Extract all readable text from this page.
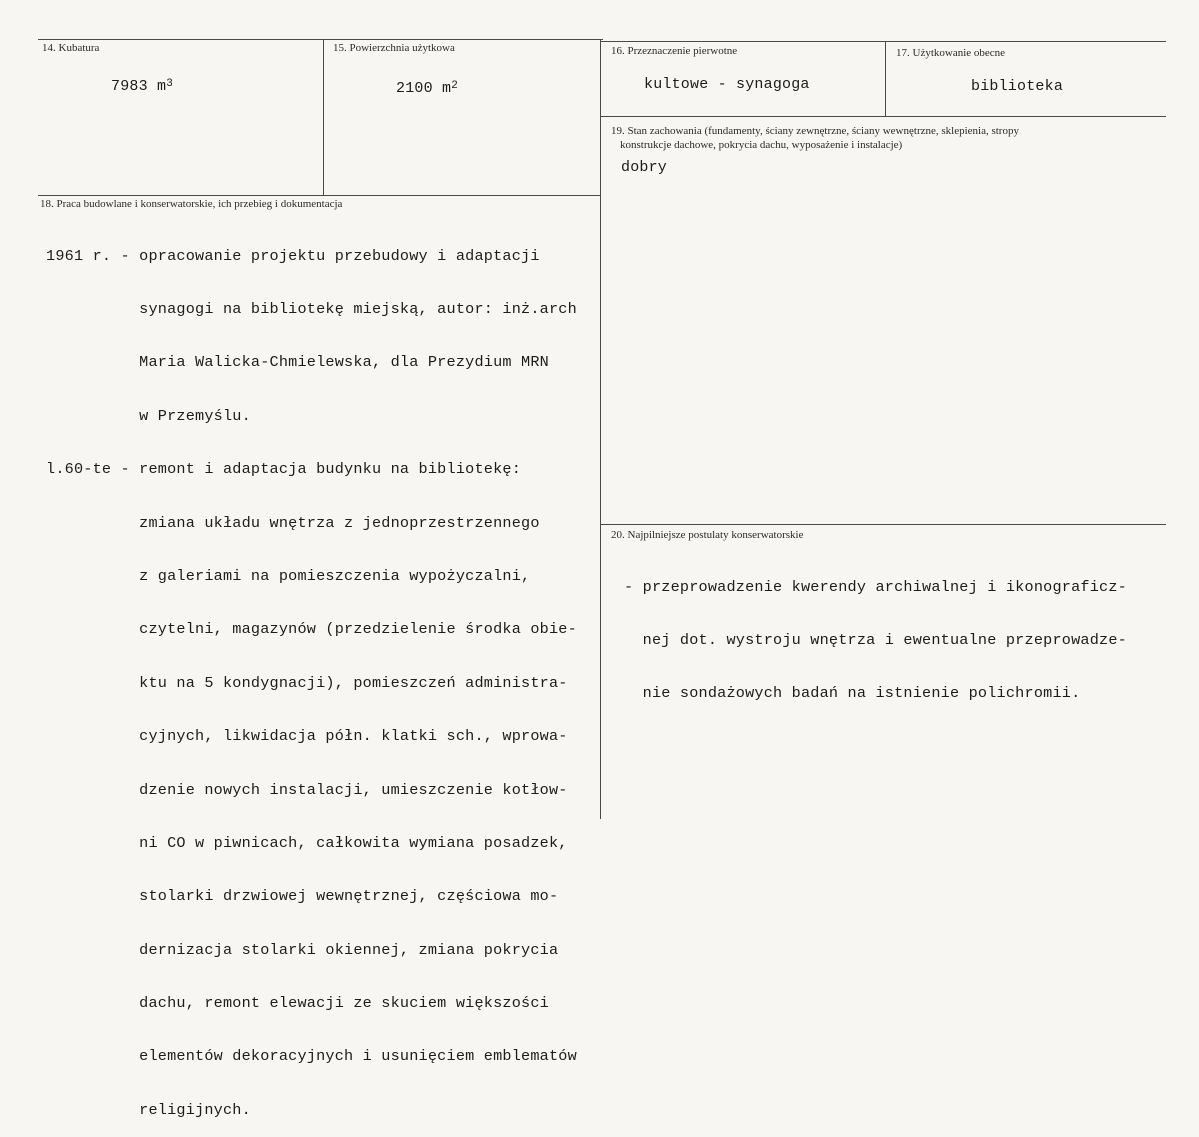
14. Kubatura
7983 $m^3$
15. Powierzchnia użytkowa
2100 $m^2$
16. Przeznaczenie pierwotne
kultowe - synagoga
17. Użytkowanie obecne
biblioteka
19. Stan zachowania (fundamenty, ściany zewnętrzne, ściany wewnętrzne, sklepienia, stropy
konstrukcje dachowe, pokrycia dachu, wyposażenie i instalacje)
dobry
18. Praca budowlane i konserwatorskie, ich przebieg i dokumentacja

1961 r. - opracowanie projektu przebudowy i adaptacji

synagogi na bibliotekę miejską, autor: inż.arch

Maria Walicka-Chmielewska, dla Prezydium MRN

w Przemyślu.

l.60-te - remont i adaptacja budynku na bibliotekę:

zmiana układu wnętrza z jednoprzestrzennego

z galeriami na pomieszczenia wypożyczalni,

czytelni, magazynów (przedzielenie środka obie-

ktu na 5 kondygnacji), pomieszczeń administra-

cyjnych, likwidacja półn. klatki sch., wprowa-

dzenie nowych instalacji, umieszczenie kotłow-

ni CO w piwnicach, całkowita wymiana posadzek,

stolarki drzwiowej wewnętrznej, częściowa mo-

dernizacja stolarki okiennej, zmiana pokrycia

dachu, remont elewacji ze skuciem większości

elementów dekoracyjnych i usunięciem emblematów

religijnych.

20. Najpilniejsze postulaty konserwatorskie

- przeprowadzenie kwerendy archiwalnej i ikonograficz-

nej dot. wystroju wnętrza i ewentualne przeprowadze-

nie sondażowych badań na istnienie polichromii.
